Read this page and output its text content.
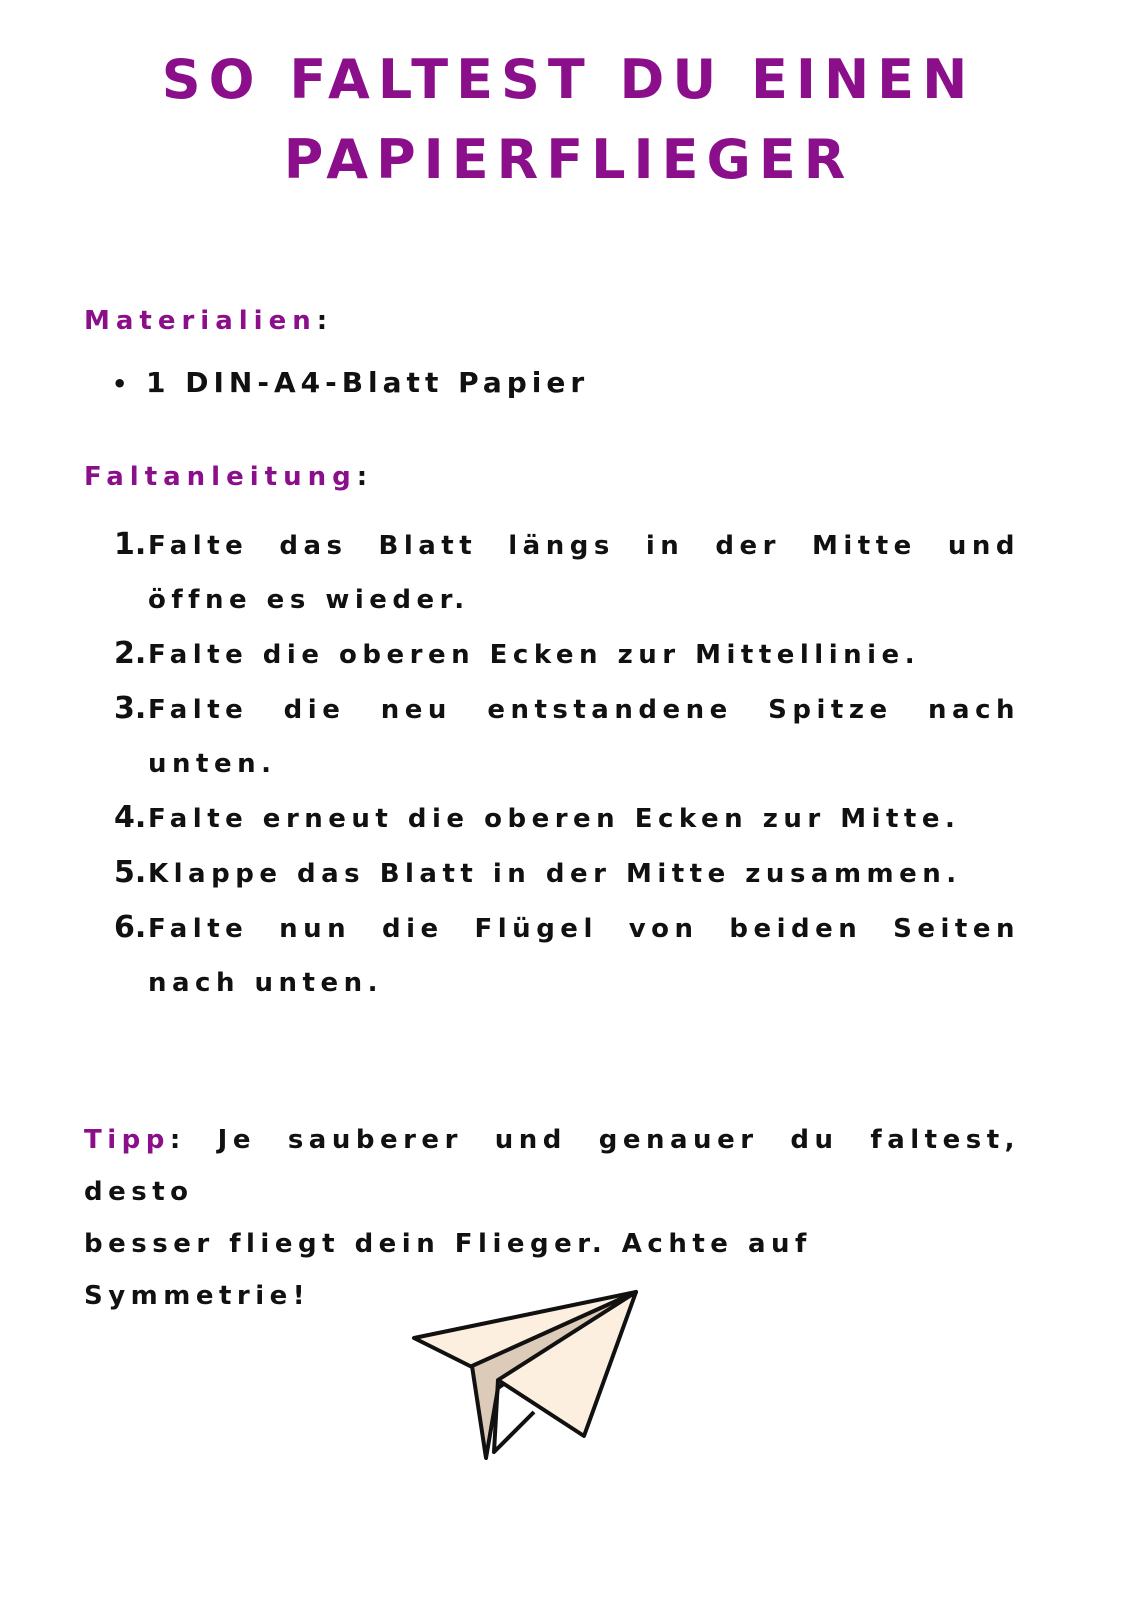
SO FALTEST DU EINEN
PAPIERFLIEGER
Materialien:
• 1 DIN-A4-Blatt Papier
Faltanleitung:
1. Falte das Blatt längs in der Mitte und öffne es wieder.
2. Falte die oberen Ecken zur Mittellinie.
3. Falte die neu entstandene Spitze nach unten.
4. Falte erneut die oberen Ecken zur Mitte.
5. Klappe das Blatt in der Mitte zusammen.
6. Falte nun die Flügel von beiden Seiten nach unten.

Tipp: Je sauberer und genauer du faltest, desto
besser fliegt dein Flieger. Achte auf Symmetrie!
